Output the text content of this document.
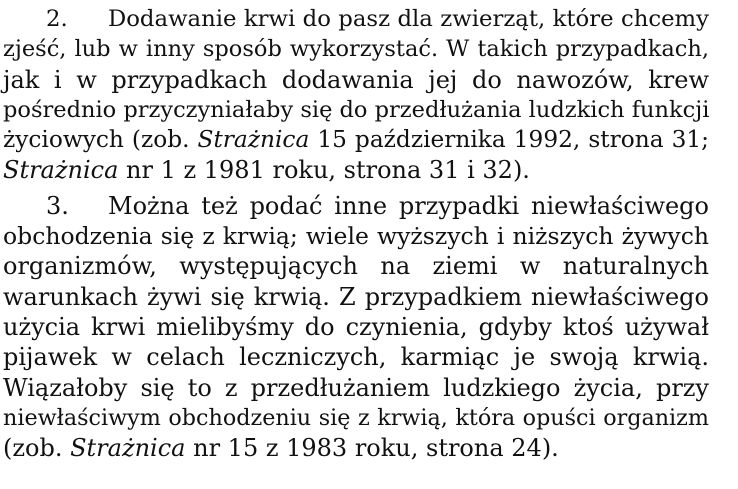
2. Dodawanie krwi do pasz dla zwierząt, które chcemy
zjeść, lub w inny sposób wykorzystać. W takich przypadkach,
jak i w przypadkach dodawania jej do nawozów, krew
pośrednio przyczyniałaby się do przedłużania ludzkich funkcji
życiowych (zob. Strażnica 15 października 1992, strona 31;
Strażnica nr 1 z 1981 roku, strona 31 i 32).
3. Można też podać inne przypadki niewłaściwego
obchodzenia się z krwią; wiele wyższych i niższych żywych
organizmów, występujących na ziemi w naturalnych
warunkach żywi się krwią. Z przypadkiem niewłaściwego
użycia krwi mielibyśmy do czynienia, gdyby ktoś używał
pijawek w celach leczniczych, karmiąc je swoją krwią.
Wiązałoby się to z przedłużaniem ludzkiego życia, przy
niewłaściwym obchodzeniu się z krwią, która opuści organizm
(zob. Strażnica nr 15 z 1983 roku, strona 24).
